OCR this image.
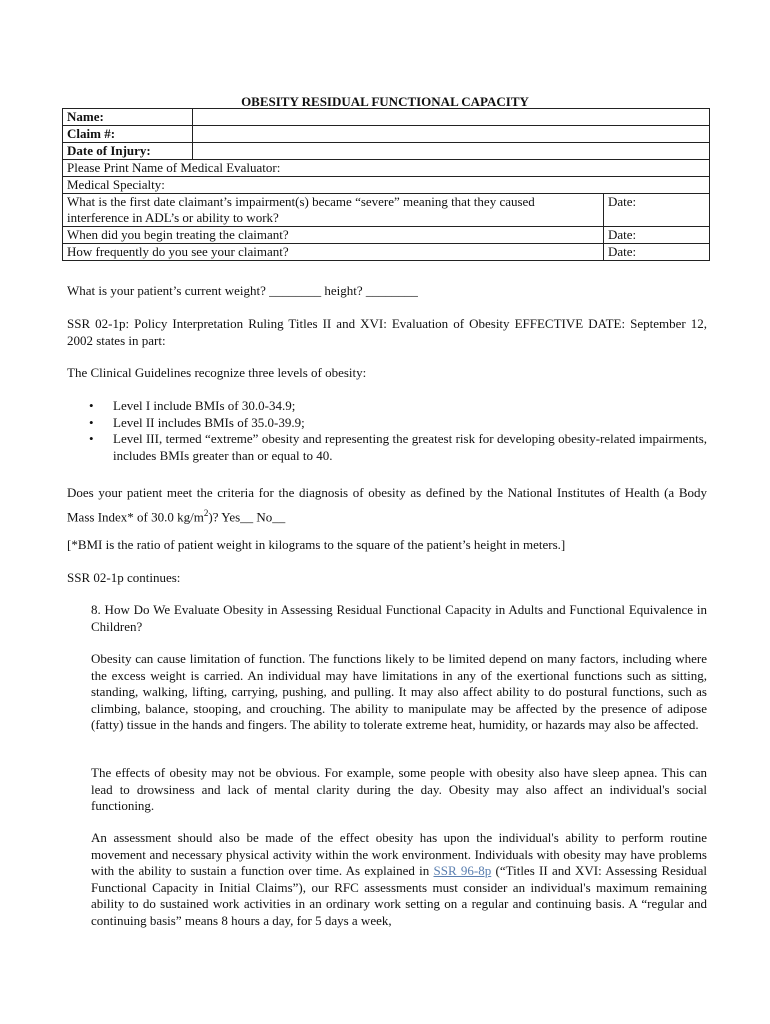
OBESITY RESIDUAL FUNCTIONAL CAPACITY
Name:		
Claim #:		
Date of Injury:		
Please Print Name of Medical Evaluator:		
Medical Specialty:		
What is the first date claimant’s impairment(s) became “severe” meaning that they caused interference in ADL’s or ability to work?		Date:
When did you begin treating the claimant?		Date:
How frequently do you see your claimant?		Date:
What is your patient’s current weight? ________ height? ________
SSR 02-1p: Policy Interpretation Ruling Titles II and XVI: Evaluation of Obesity EFFECTIVE DATE: September 12, 2002 states in part:
The Clinical Guidelines recognize three levels of obesity:
• Level I include BMIs of 30.0-34.9;
• Level II includes BMIs of 35.0-39.9;
• Level III, termed “extreme” obesity and representing the greatest risk for developing obesity-related impairments, includes BMIs greater than or equal to 40.
Does your patient meet the criteria for the diagnosis of obesity as defined by the National Institutes of Health (a Body Mass Index* of 30.0 $kg/m^2$)? Yes__ No__
[*BMI is the ratio of patient weight in kilograms to the square of the patient’s height in meters.]
SSR 02-1p continues:
8. How Do We Evaluate Obesity in Assessing Residual Functional Capacity in Adults and Functional Equivalence in Children?
Obesity can cause limitation of function. The functions likely to be limited depend on many factors, including where the excess weight is carried. An individual may have limitations in any of the exertional functions such as sitting, standing, walking, lifting, carrying, pushing, and pulling. It may also affect ability to do postural functions, such as climbing, balance, stooping, and crouching. The ability to manipulate may be affected by the presence of adipose (fatty) tissue in the hands and fingers. The ability to tolerate extreme heat, humidity, or hazards may also be affected.
The effects of obesity may not be obvious. For example, some people with obesity also have sleep apnea. This can lead to drowsiness and lack of mental clarity during the day. Obesity may also affect an individual's social functioning.
An assessment should also be made of the effect obesity has upon the individual's ability to perform routine movement and necessary physical activity within the work environment. Individuals with obesity may have problems with the ability to sustain a function over time. As explained in SSR 96-8p (“Titles II and XVI: Assessing Residual Functional Capacity in Initial Claims”), our RFC assessments must consider an individual's maximum remaining ability to do sustained work activities in an ordinary work setting on a regular and continuing basis. A “regular and continuing basis” means 8 hours a day, for 5 days a week,
